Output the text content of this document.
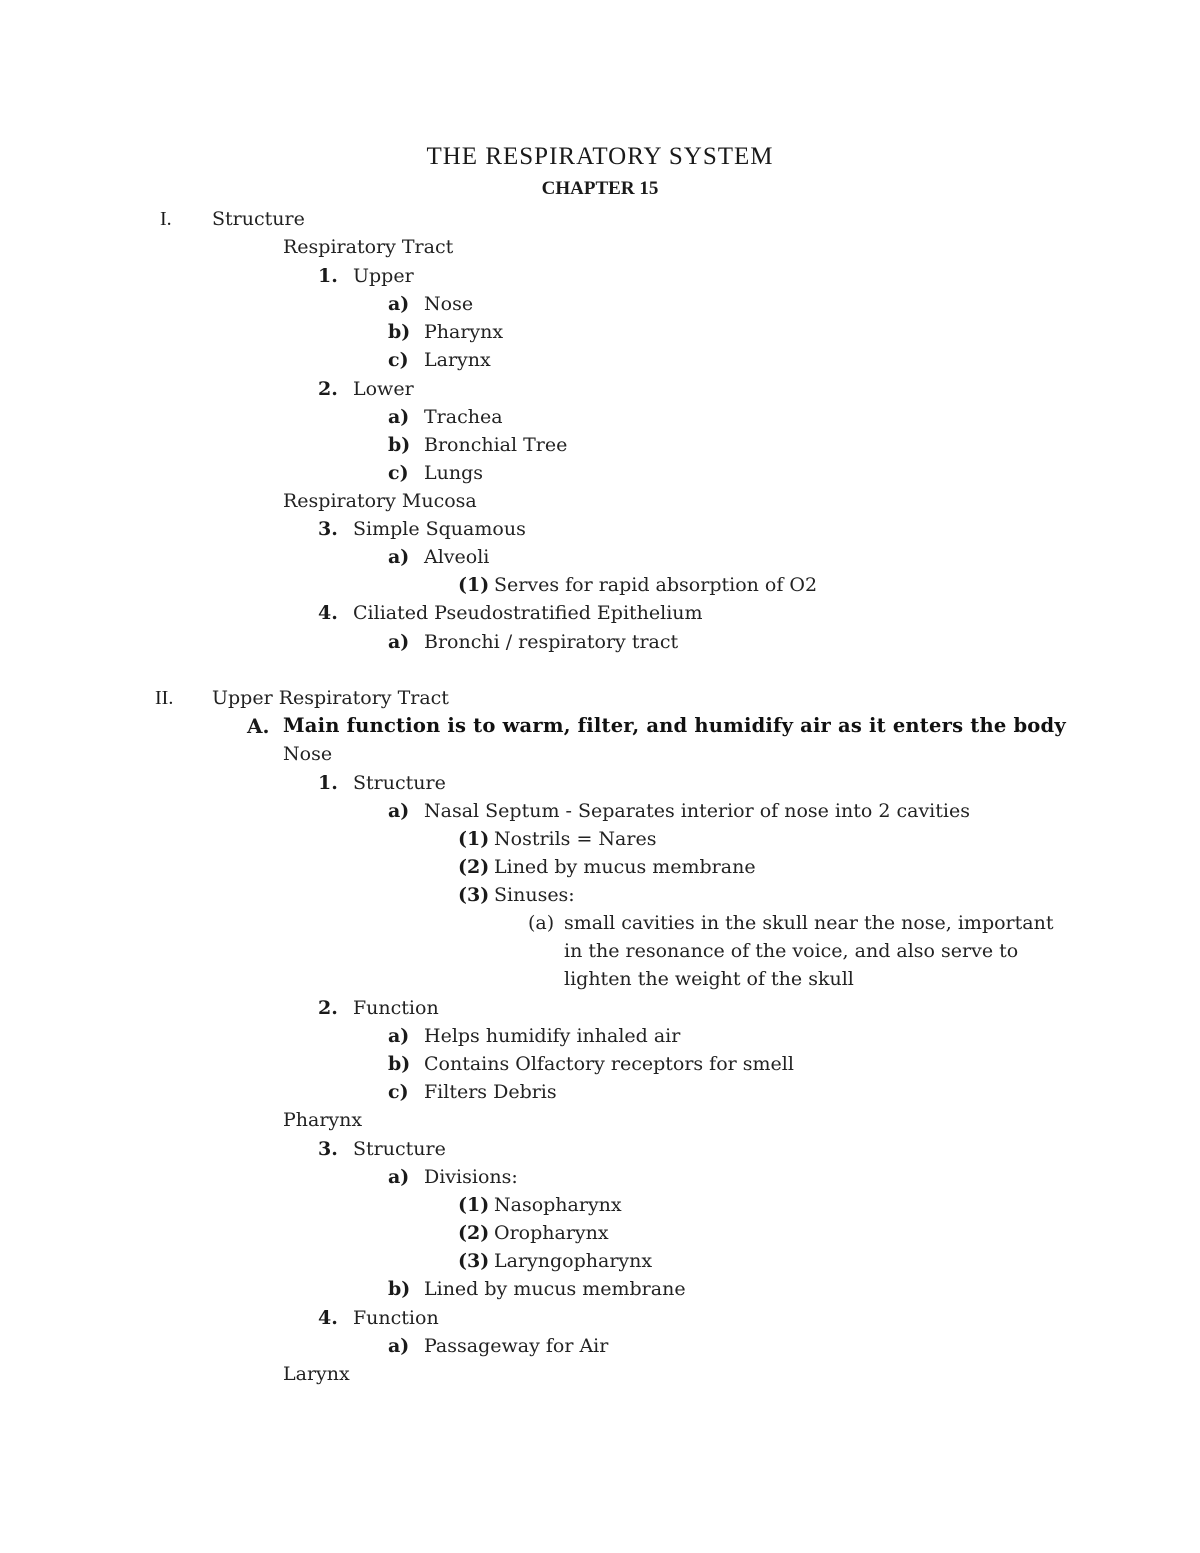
THE RESPIRATORY SYSTEM
CHAPTER 15
I. Structure
Respiratory Tract
1. Upper
a) Nose
b) Pharynx
c) Larynx
2. Lower
a) Trachea
b) Bronchial Tree
c) Lungs
Respiratory Mucosa
3. Simple Squamous
a) Alveoli
(1) Serves for rapid absorption of O2
4. Ciliated Pseudostratified Epithelium
a) Bronchi / respiratory tract
II. Upper Respiratory Tract
A. Main function is to warm, filter, and humidify air as it enters the body
Nose
1. Structure
a) Nasal Septum - Separates interior of nose into 2 cavities
(1) Nostrils = Nares
(2) Lined by mucus membrane
(3) Sinuses:
(a) small cavities in the skull near the nose, important
in the resonance of the voice, and also serve to
lighten the weight of the skull
2. Function
a) Helps humidify inhaled air
b) Contains Olfactory receptors for smell
c) Filters Debris
Pharynx
3. Structure
a) Divisions:
(1) Nasopharynx
(2) Oropharynx
(3) Laryngopharynx
b) Lined by mucus membrane
4. Function
a) Passageway for Air
Larynx
